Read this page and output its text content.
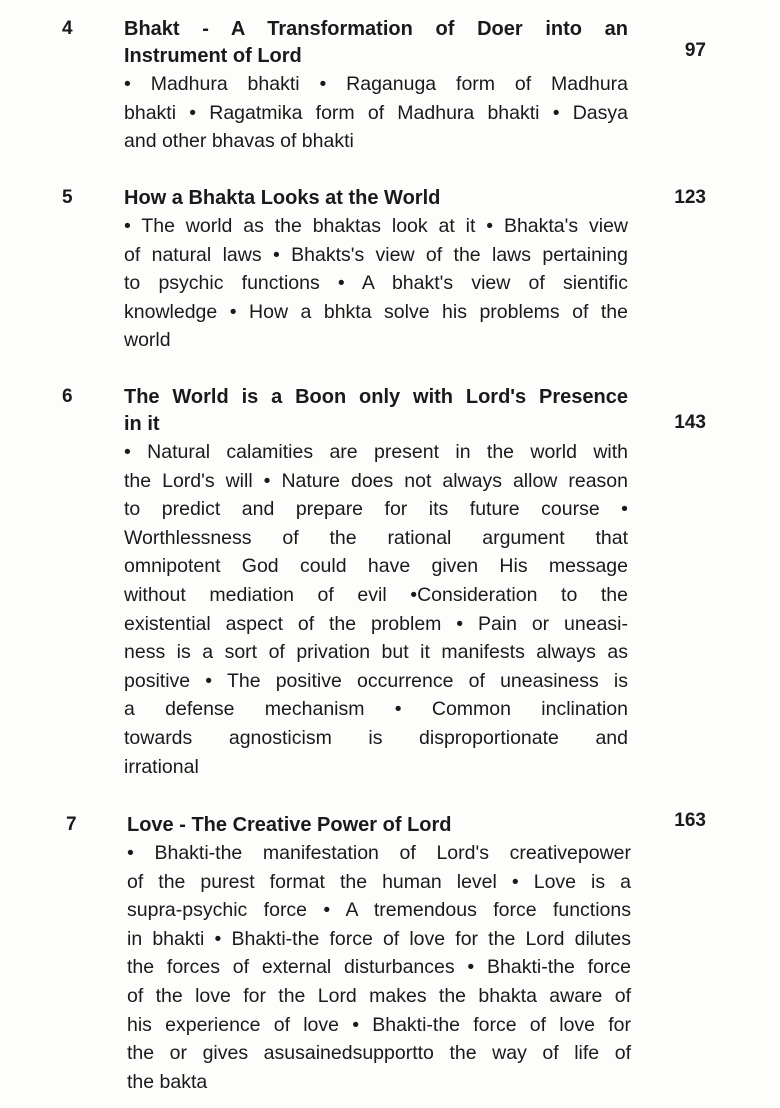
4
97
Bhakt - A Transformation of Doer into an
Instrument of Lord
• Madhura bhakti • Raganuga form of Madhura
bhakti • Ragatmika form of Madhura bhakti • Dasya
and other bhavas of bhakti
5	123
How a Bhakta Looks at the World
• The world as the bhaktas look at it • Bhakta's view
of natural laws • Bhakts's view of the laws pertaining
to psychic functions • A bhakt's view of sientific
knowledge • How a bhkta solve his problems of the
world
6
143
The World is a Boon only with Lord's Presence
in it
• Natural calamities are present in the world with
the Lord's will • Nature does not always allow reason
to predict and prepare for its future course •
Worthlessness of the rational argument that
omnipotent God could have given His message
without mediation of evil •Consideration to the
existential aspect of the problem • Pain or uneasi-
ness is a sort of privation but it manifests always as
positive • The positive occurrence of uneasiness is
a defense mechanism • Common inclination
towards agnosticism is disproportionate and
irrational
7	163
Love - The Creative Power of Lord
• Bhakti-the manifestation of Lord's creativepower
of the purest format the human level • Love is a
supra-psychic force • A tremendous force functions
in bhakti • Bhakti-the force of love for the Lord dilutes
the forces of external disturbances • Bhakti-the force
of the love for the Lord makes the bhakta aware of
his experience of love • Bhakti-the force of love for
the or gives asusainedsupportto the way of life of
the bakta
